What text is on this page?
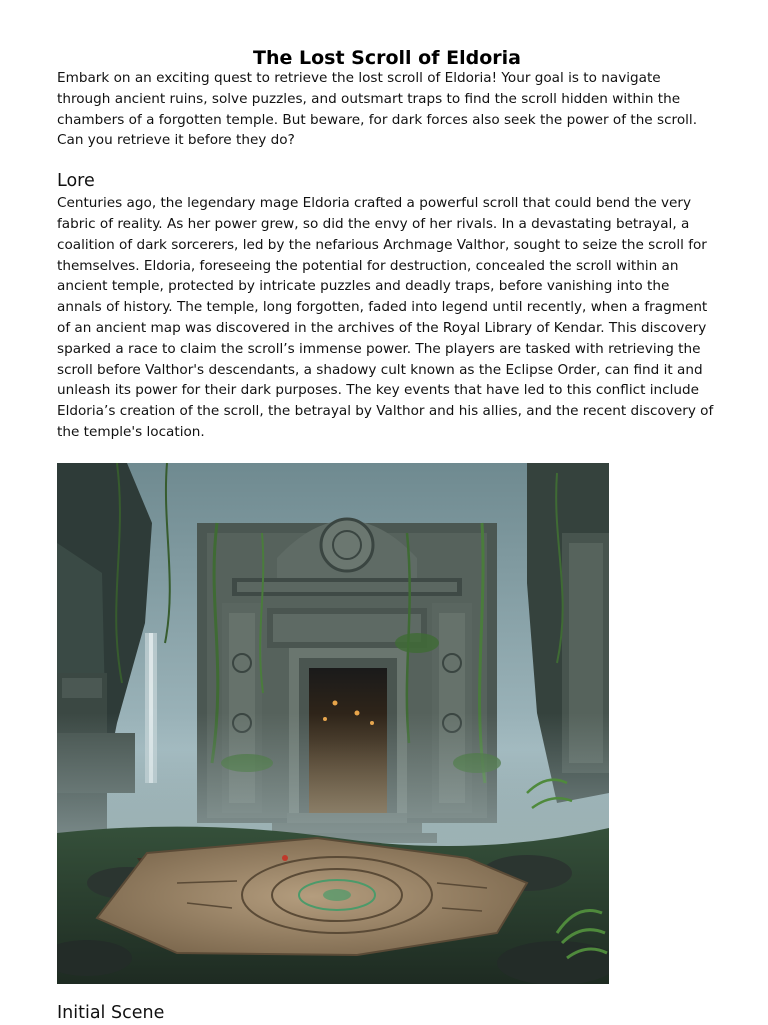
The Lost Scroll of Eldoria

Embark on an exciting quest to retrieve the lost scroll of Eldoria! Your goal is to navigate through ancient ruins, solve puzzles, and outsmart traps to find the scroll hidden within the chambers of a forgotten temple. But beware, for dark forces also seek the power of the scroll. Can you retrieve it before they do?

Lore

Centuries ago, the legendary mage Eldoria crafted a powerful scroll that could bend the very fabric of reality. As her power grew, so did the envy of her rivals. In a devastating betrayal, a coalition of dark sorcerers, led by the nefarious Archmage Valthor, sought to seize the scroll for themselves. Eldoria, foreseeing the potential for destruction, concealed the scroll within an ancient temple, protected by intricate puzzles and deadly traps, before vanishing into the annals of history. The temple, long forgotten, faded into legend until recently, when a fragment of an ancient map was discovered in the archives of the Royal Library of Kendar. This discovery sparked a race to claim the scroll’s immense power. The players are tasked with retrieving the scroll before Valthor's descendants, a shadowy cult known as the Eclipse Order, can find it and unleash its power for their dark purposes. The key events that have led to this conflict include Eldoria’s creation of the scroll, the betrayal by Valthor and his allies, and the recent discovery of the temple's location.

Initial Scene
